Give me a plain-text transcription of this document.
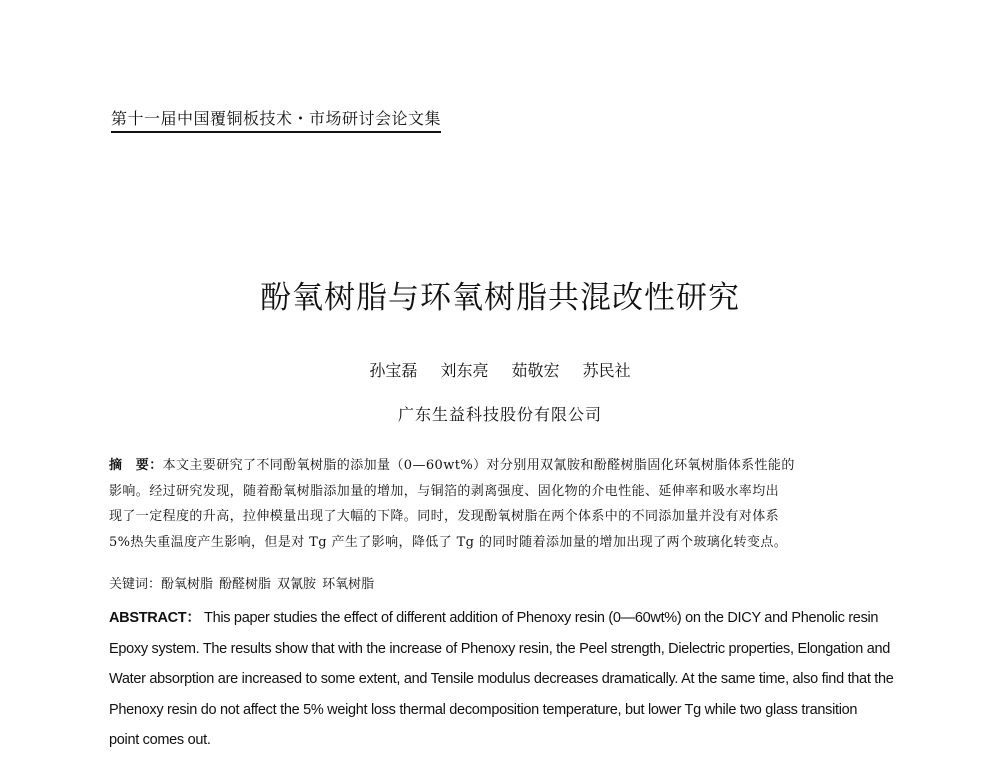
第十一届中国覆铜板技术・市场研讨会论文集
酚氧树脂与环氧树脂共混改性研究
孙宝磊 刘东亮 茹敬宏 苏民社
广东生益科技股份有限公司
摘　要：本文主要研究了不同酚氧树脂的添加量（0—60wt%）对分别用双氰胺和酚醛树脂固化环氧树脂体系性能的
影响。经过研究发现，随着酚氧树脂添加量的增加，与铜箔的剥离强度、固化物的介电性能、延伸率和吸水率均出
现了一定程度的升高，拉伸模量出现了大幅的下降。同时，发现酚氧树脂在两个体系中的不同添加量并没有对体系
5%热失重温度产生影响，但是对 Tg 产生了影响，降低了 Tg 的同时随着添加量的增加出现了两个玻璃化转变点。
关键词：酚氧树脂 酚醛树脂 双氰胺 环氧树脂
ABSTRACT： This paper studies the effect of different addition of Phenoxy resin (0—60wt%) on the DICY and Phenolic resin
Epoxy system. The results show that with the increase of Phenoxy resin, the Peel strength, Dielectric properties, Elongation and
Water absorption are increased to some extent, and Tensile modulus decreases dramatically. At the same time, also find that the
Phenoxy resin do not affect the 5% weight loss thermal decomposition temperature, but lower Tg while two glass transition
point comes out.
